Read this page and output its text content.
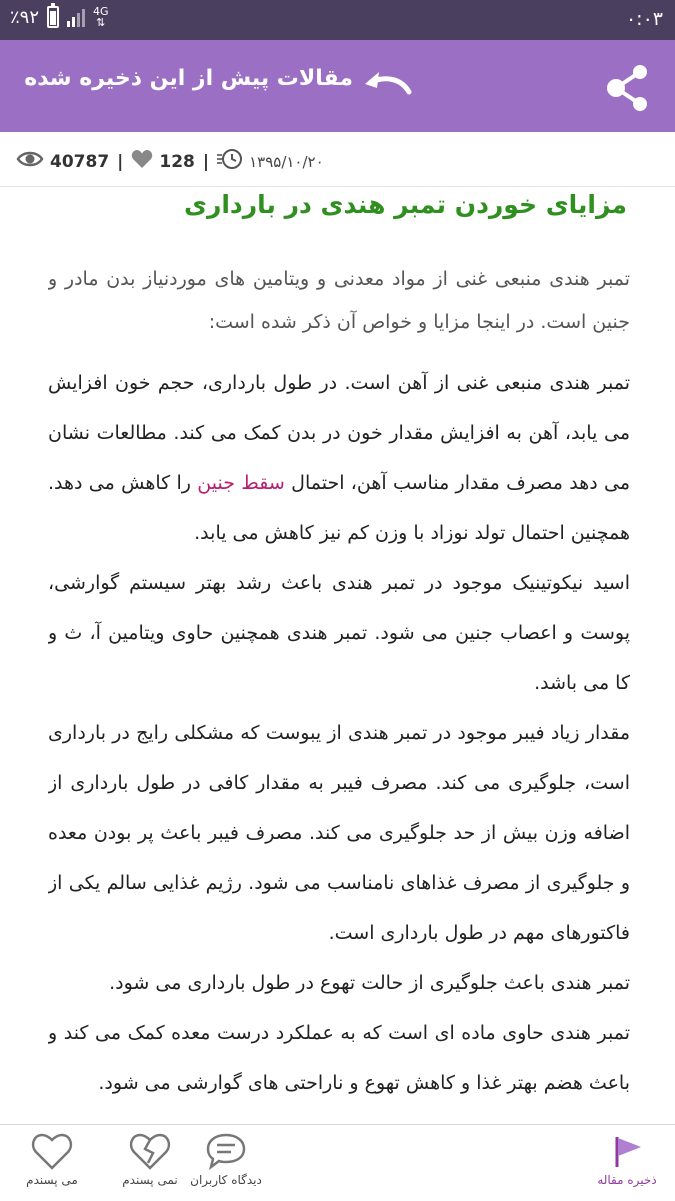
٪۹۲	4G
⇅	۰:۰۳
مقالات پیش از این ذخیره شده
40787 | 128 |	۱۳۹۵/۱۰/۲۰
مزایای خوردن تمبر هندی در بارداری

تمبر هندی منبعی غنی از مواد معدنی و ویتامین های موردنیاز بدن مادر و جنین است. در اینجا مزایا و خواص آن ذکر شده است:

تمبر هندی منبعی غنی از آهن است. در طول بارداری، حجم خون افزایش می یابد، آهن به افزایش مقدار خون در بدن کمک می کند. مطالعات نشان می دهد مصرف مقدار مناسب آهن، احتمال سقط جنین را کاهش می دهد. همچنین احتمال تولد نوزاد با وزن کم نیز کاهش می یابد.

اسید نیکوتینیک موجود در تمبر هندی باعث رشد بهتر سیستم گوارشی، پوست و اعصاب جنین می شود. تمبر هندی همچنین حاوی ویتامین آ، ث و کا می باشد.

مقدار زیاد فیبر موجود در تمبر هندی از یبوست که مشکلی رایج در بارداری است، جلوگیری می کند. مصرف فیبر به مقدار کافی در طول بارداری از اضافه وزن بیش از حد جلوگیری می کند. مصرف فیبر باعث پر بودن معده و جلوگیری از مصرف غذاهای نامناسب می شود. رژیم غذایی سالم یکی از فاکتورهای مهم در طول بارداری است.

تمبر هندی باعث جلوگیری از حالت تهوع در طول بارداری می شود.

تمبر هندی حاوی ماده ای است که به عملکرد درست معده کمک می کند و باعث هضم بهتر غذا و کاهش تهوع و ناراحتی های گوارشی می شود.

ذخیره مقاله
دیدگاه کاربران
نمی پسندم
می پسندم
